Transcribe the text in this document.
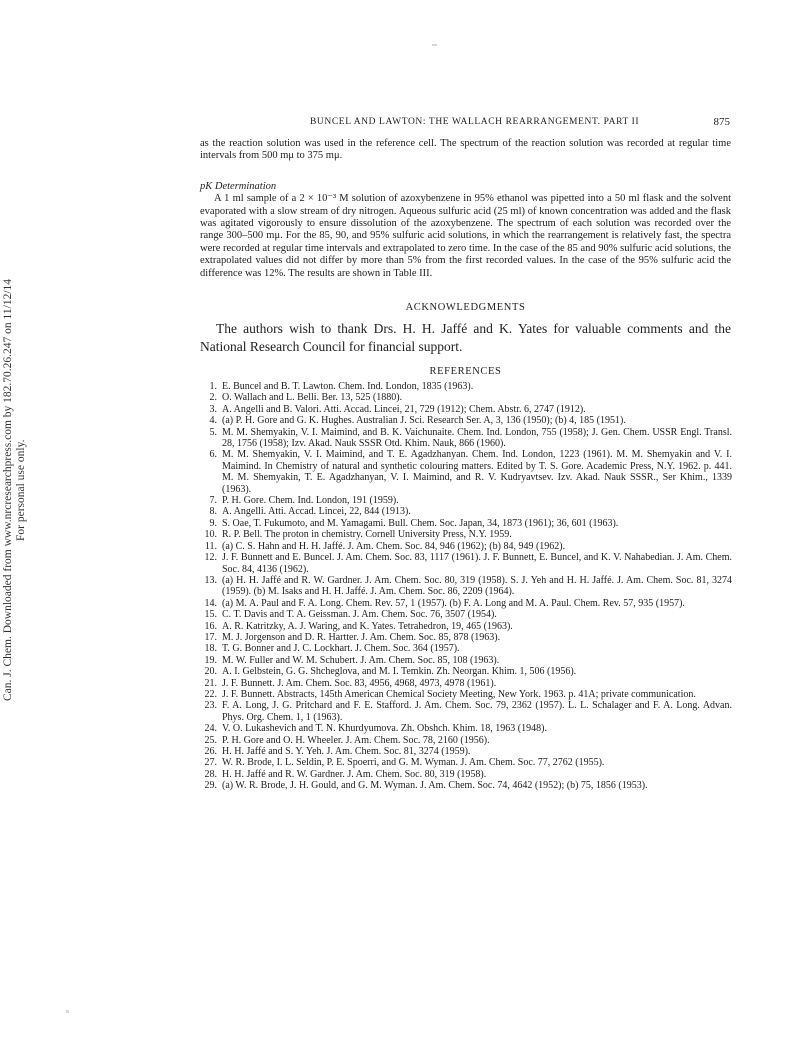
Can. J. Chem. Downloaded from www.nrcresearchpress.com by 182.70.26.247 on 11/12/14 For personal use only.
BUNCEL AND LAWTON: THE WALLACH REARRANGEMENT. PART II	875

as the reaction solution was used in the reference cell. The spectrum of the reaction solution was recorded at regular time intervals from 500 mμ to 375 mμ.

pK Determination

A 1 ml sample of a 2 × 10⁻³ M solution of azoxybenzene in 95% ethanol was pipetted into a 50 ml flask and the solvent evaporated with a slow stream of dry nitrogen. Aqueous sulfuric acid (25 ml) of known concentration was added and the flask was agitated vigorously to ensure dissolution of the azoxybenzene. The spectrum of each solution was recorded over the range 300–500 mμ. For the 85, 90, and 95% sulfuric acid solutions, in which the rearrangement is relatively fast, the spectra were recorded at regular time intervals and extrapolated to zero time. In the case of the 85 and 90% sulfuric acid solutions, the extrapolated values did not differ by more than 5% from the first recorded values. In the case of the 95% sulfuric acid the difference was 12%. The results are shown in Table III.

ACKNOWLEDGMENTS
The authors wish to thank Drs. H. H. Jaffé and K. Yates for valuable comments and the National Research Council for financial support.
REFERENCES
1. E. Buncel and B. T. Lawton. Chem. Ind. London, 1835 (1963).
2. O. Wallach and L. Belli. Ber. 13, 525 (1880).
3. A. Angelli and B. Valori. Atti. Accad. Lincei, 21, 729 (1912); Chem. Abstr. 6, 2747 (1912).
4. (a) P. H. Gore and G. K. Hughes. Australian J. Sci. Research Ser. A, 3, 136 (1950); (b) 4, 185 (1951).
5. M. M. Shemyakin, V. I. Maimind, and B. K. Vaichunaite. Chem. Ind. London, 755 (1958); J. Gen. Chem. USSR Engl. Transl. 28, 1756 (1958); Izv. Akad. Nauk SSSR Otd. Khim. Nauk, 866 (1960).
6. M. M. Shemyakin, V. I. Maimind, and T. E. Agadzhanyan. Chem. Ind. London, 1223 (1961). M. M. Shemyakin and V. I. Maimind. In Chemistry of natural and synthetic colouring matters. Edited by T. S. Gore. Academic Press, N.Y. 1962. p. 441. M. M. Shemyakin, T. E. Agadzhanyan, V. I. Maimind, and R. V. Kudryavtsev. Izv. Akad. Nauk SSSR., Ser Khim., 1339 (1963).
7. P. H. Gore. Chem. Ind. London, 191 (1959).
8. A. Angelli. Atti. Accad. Lincei, 22, 844 (1913).
9. S. Oae, T. Fukumoto, and M. Yamagami. Bull. Chem. Soc. Japan, 34, 1873 (1961); 36, 601 (1963).
10. R. P. Bell. The proton in chemistry. Cornell University Press, N.Y. 1959.
11. (a) C. S. Hahn and H. H. Jaffé. J. Am. Chem. Soc. 84, 946 (1962); (b) 84, 949 (1962).
12. J. F. Bunnett and E. Buncel. J. Am. Chem. Soc. 83, 1117 (1961). J. F. Bunnett, E. Buncel, and K. V. Nahabedian. J. Am. Chem. Soc. 84, 4136 (1962).
13. (a) H. H. Jaffé and R. W. Gardner. J. Am. Chem. Soc. 80, 319 (1958). S. J. Yeh and H. H. Jaffé. J. Am. Chem. Soc. 81, 3274 (1959). (b) M. Isaks and H. H. Jaffé. J. Am. Chem. Soc. 86, 2209 (1964).
14. (a) M. A. Paul and F. A. Long. Chem. Rev. 57, 1 (1957). (b) F. A. Long and M. A. Paul. Chem. Rev. 57, 935 (1957).
15. C. T. Davis and T. A. Geissman. J. Am. Chem. Soc. 76, 3507 (1954).
16. A. R. Katritzky, A. J. Waring, and K. Yates. Tetrahedron, 19, 465 (1963).
17. M. J. Jorgenson and D. R. Hartter. J. Am. Chem. Soc. 85, 878 (1963).
18. T. G. Bonner and J. C. Lockhart. J. Chem. Soc. 364 (1957).
19. M. W. Fuller and W. M. Schubert. J. Am. Chem. Soc. 85, 108 (1963).
20. A. I. Gelbstein, G. G. Shcheglova, and M. I. Temkin. Zh. Neorgan. Khim. 1, 506 (1956).
21. J. F. Bunnett. J. Am. Chem. Soc. 83, 4956, 4968, 4973, 4978 (1961).
22. J. F. Bunnett. Abstracts, 145th American Chemical Society Meeting, New York. 1963. p. 41A; private communication.
23. F. A. Long, J. G. Pritchard and F. E. Stafford. J. Am. Chem. Soc. 79, 2362 (1957). L. L. Schalager and F. A. Long. Advan. Phys. Org. Chem. 1, 1 (1963).
24. V. O. Lukashevich and T. N. Khurdyumova. Zh. Obshch. Khim. 18, 1963 (1948).
25. P. H. Gore and O. H. Wheeler. J. Am. Chem. Soc. 78, 2160 (1956).
26. H. H. Jaffé and S. Y. Yeh. J. Am. Chem. Soc. 81, 3274 (1959).
27. W. R. Brode, I. L. Seldin, P. E. Spoerri, and G. M. Wyman. J. Am. Chem. Soc. 77, 2762 (1955).
28. H. H. Jaffé and R. W. Gardner. J. Am. Chem. Soc. 80, 319 (1958).
29. (a) W. R. Brode, J. H. Gould, and G. M. Wyman. J. Am. Chem. Soc. 74, 4642 (1952); (b) 75, 1856 (1953).
